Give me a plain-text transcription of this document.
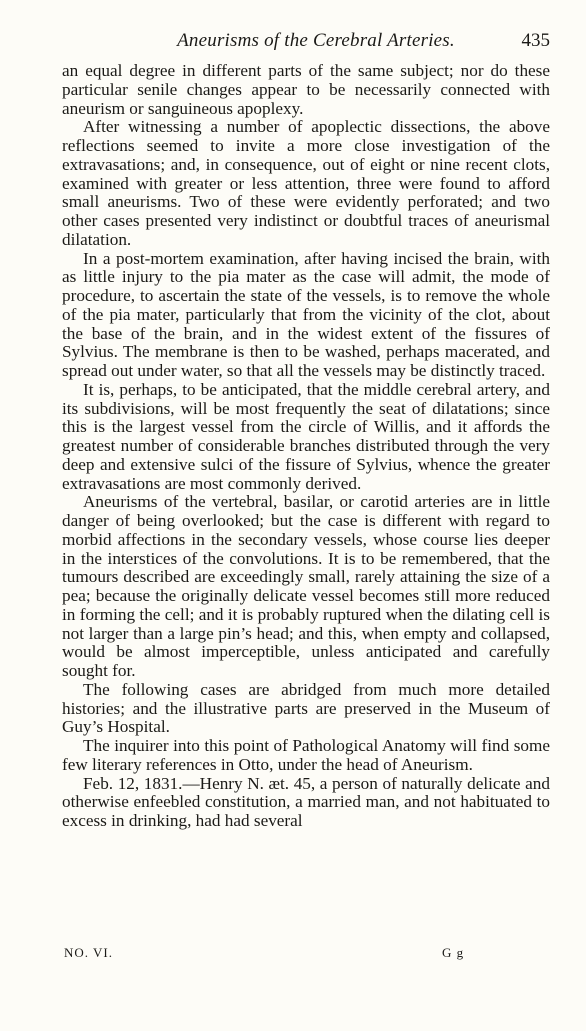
Aneurisms of the Cerebral Arteries.	435

an equal degree in different parts of the same subject; nor do these particular senile changes appear to be necessarily connected with aneurism or sanguineous apoplexy.

After witnessing a number of apoplectic dissections, the above reflections seemed to invite a more close investigation of the extravasations; and, in consequence, out of eight or nine recent clots, examined with greater or less attention, three were found to afford small aneurisms. Two of these were evidently perforated; and two other cases presented very indistinct or doubtful traces of aneurismal dilatation.

In a post-mortem examination, after having incised the brain, with as little injury to the pia mater as the case will admit, the mode of procedure, to ascertain the state of the vessels, is to remove the whole of the pia mater, particularly that from the vicinity of the clot, about the base of the brain, and in the widest extent of the fissures of Sylvius. The membrane is then to be washed, perhaps macerated, and spread out under water, so that all the vessels may be distinctly traced.

It is, perhaps, to be anticipated, that the middle cerebral artery, and its subdivisions, will be most frequently the seat of dilatations; since this is the largest vessel from the circle of Willis, and it affords the greatest number of considerable branches distributed through the very deep and extensive sulci of the fissure of Sylvius, whence the greater extravasations are most commonly derived.

Aneurisms of the vertebral, basilar, or carotid arteries are in little danger of being overlooked; but the case is different with regard to morbid affections in the secondary vessels, whose course lies deeper in the interstices of the convolutions. It is to be remembered, that the tumours described are exceedingly small, rarely attaining the size of a pea; because the originally delicate vessel becomes still more reduced in forming the cell; and it is probably ruptured when the dilating cell is not larger than a large pin’s head; and this, when empty and collapsed, would be almost imperceptible, unless anticipated and carefully sought for.

The following cases are abridged from much more detailed histories; and the illustrative parts are preserved in the Museum of Guy’s Hospital.

The inquirer into this point of Pathological Anatomy will find some few literary references in Otto, under the head of Aneurism.

Feb. 12, 1831.—Henry N. æt. 45, a person of naturally delicate and otherwise enfeebled constitution, a married man, and not habituated to excess in drinking, had had several

NO. VI.	G g
